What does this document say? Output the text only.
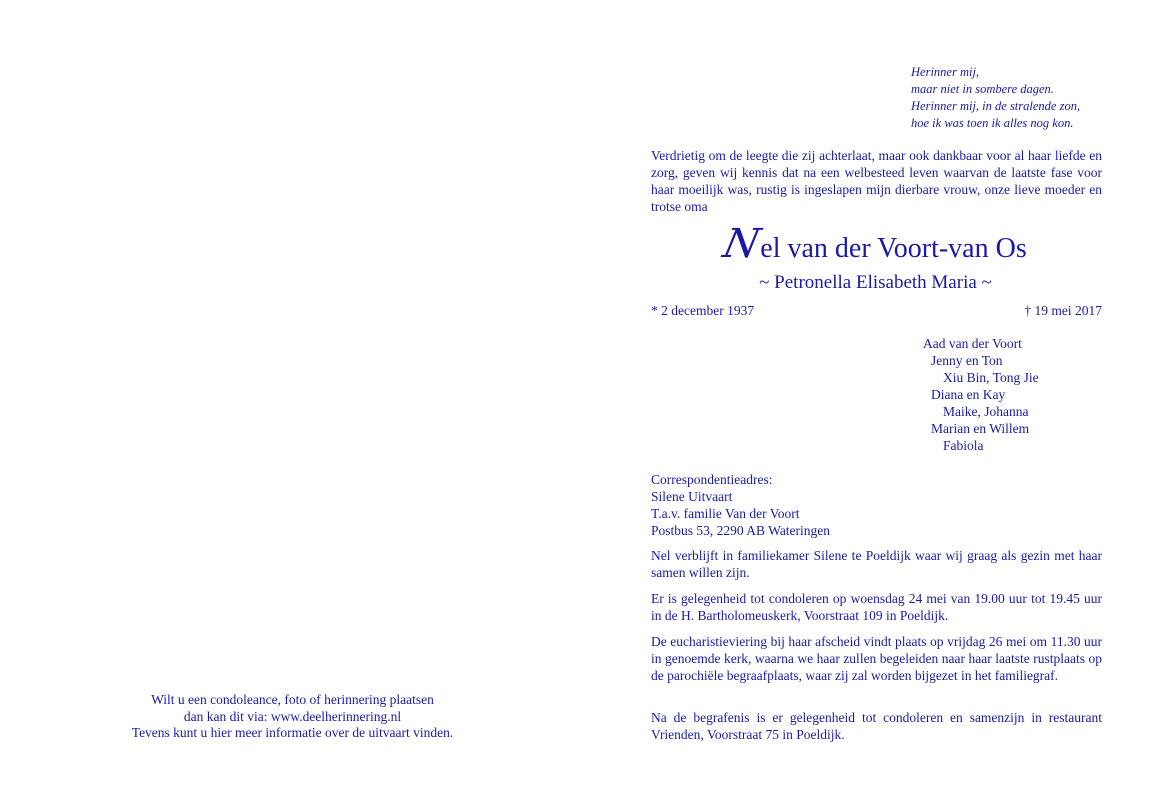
Wilt u een condoleance, foto of herinnering plaatsen
dan kan dit via: www.deelherinnering.nl
Tevens kunt u hier meer informatie over de uitvaart vinden.
Herinner mij,
maar niet in sombere dagen.
Herinner mij, in de stralende zon,
hoe ik was toen ik alles nog kon.
Verdrietig om de leegte die zij achterlaat, maar ook dankbaar voor al haar liefde en zorg, geven wij kennis dat na een welbesteed leven waarvan de laatste fase voor haar moeilijk was, rustig is ingeslapen mijn dierbare vrouw, onze lieve moeder en trotse oma
Nel van der Voort-van Os
~ Petronella Elisabeth Maria ~
* 2 december 1937	† 19 mei 2017
Aad van der Voort
Jenny en Ton
Xiu Bin, Tong Jie
Diana en Kay
Maike, Johanna
Marian en Willem
Fabiola
Correspondentieadres:
Silene Uitvaart
T.a.v. familie Van der Voort
Postbus 53, 2290 AB Wateringen
Nel verblijft in familiekamer Silene te Poeldijk waar wij graag als gezin met haar samen willen zijn.
Er is gelegenheid tot condoleren op woensdag 24 mei van 19.00 uur tot 19.45 uur in de H. Bartholomeuskerk, Voorstraat 109 in Poeldijk.
De eucharistieviering bij haar afscheid vindt plaats op vrijdag 26 mei om 11.30 uur in genoemde kerk, waarna we haar zullen begeleiden naar haar laatste rustplaats op de parochiële begraafplaats, waar zij zal worden bijgezet in het familiegraf.
Na de begrafenis is er gelegenheid tot condoleren en samenzijn in restaurant Vrienden, Voorstraat 75 in Poeldijk.
